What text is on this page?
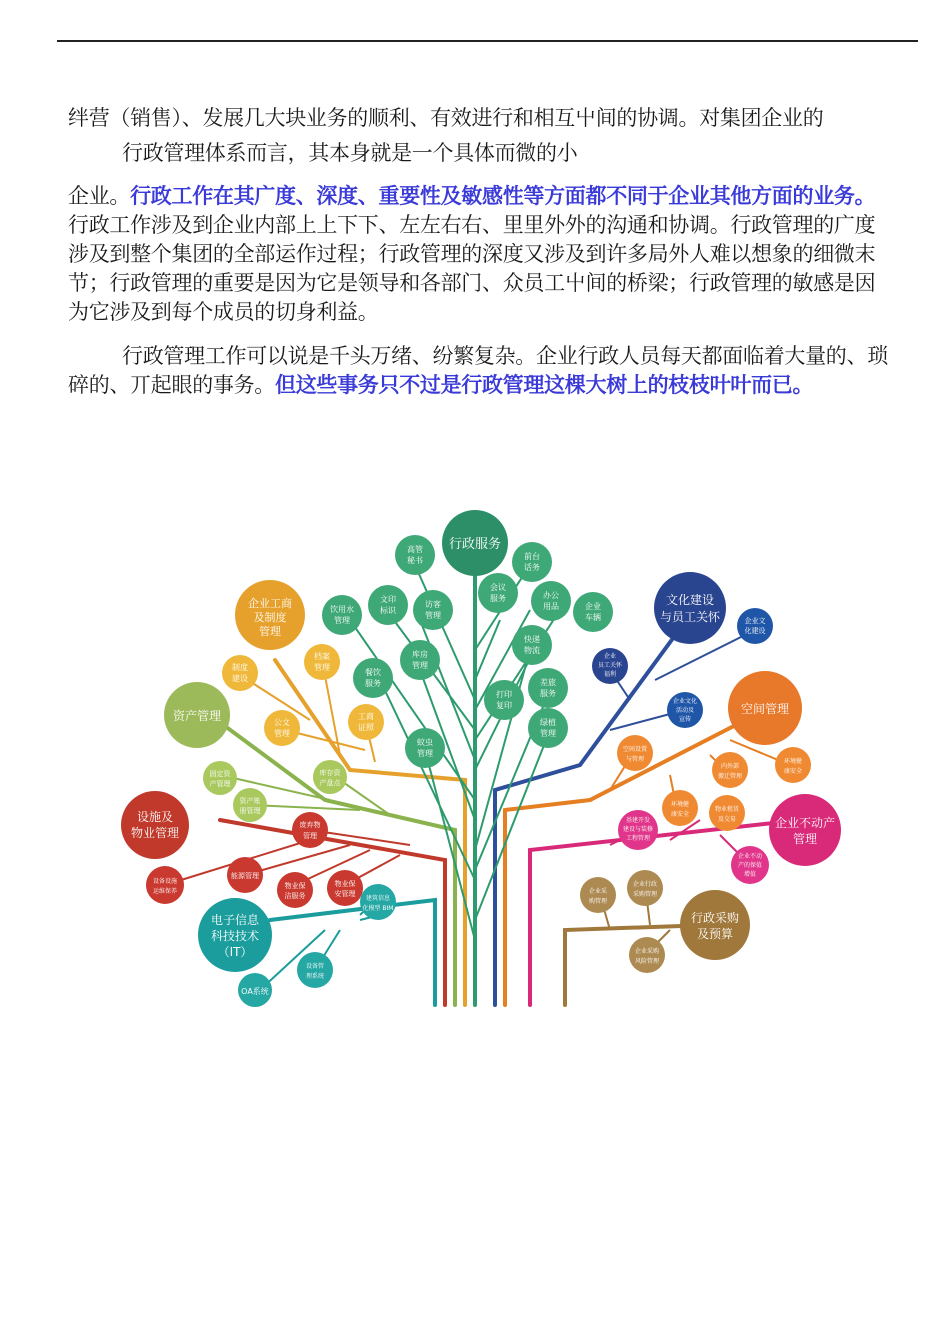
绊营（销售）、发展几大块业务的顺利、有效进行和相互⼬间的协调。对集团企业的
行政管理体系而言，其本身就是一个具体而微的小
企业。行政工作在其广度、深度、重要性及敏感性等方面都不同于企业其他方面的业务。行政工作涉及到企业内部上上下下、左左右右、里里外外的沟通和协调。行政管理的广度涉及到整个集团的全部运作过程；行政管理的深度又涉及到许多局外人难以想象的细微末节；行政管理的重要是因为它是领导和各部门、众员工⼬间的桥梁；行政管理的敏感是因为它涉及到每个成员的切身利益。
行政管理工作可以说是千头万绪、纷繁复杂。企业行政人员每天都面临着大量的、琐碎的、丌起眼的事务。但这些事务只不过是行政管理这棵大树上的枝枝叶叶而已。
行政服务
文化建设
与员工关怀
企业工商
及制度
管理
资产管理	空间管理
设施及
物业管理
企业不动产
管理
电子信息
科技技术
（IT）
行政采购
及预算
高管
秘书	前台
话务
会议
服务
文印
标识
访客
管理
办公
用品
饮用水
管理
企业
车辆
库房
管理
快递
物流
餐饮
服务
打印
复印
差旅
服务
绿植
管理
蚊虫
管理
档案
管理
制度
建设
公文
管理
工商
证照
固定资
产管理
库存资
产盘点
资产账
册管理
废弃物
管理
设备设施
运维保养
能源管理
物业保
洁服务
物业保
安管理
建筑信息
化模型 BIM
OA系统
设备管
理系统
企业
员工关怀
福利
企业文
化建设
企业文化
活动及
宣传
空间设置
与管理
内外部
搬迁管理
环境健
康安全
环境健
康安全
物业租赁
及交易
基建开发
建设与装修
工程管理
企业不动
产的保值
增值
企业采
购管理
企业行政
采购管理
企业采购
风险管理
